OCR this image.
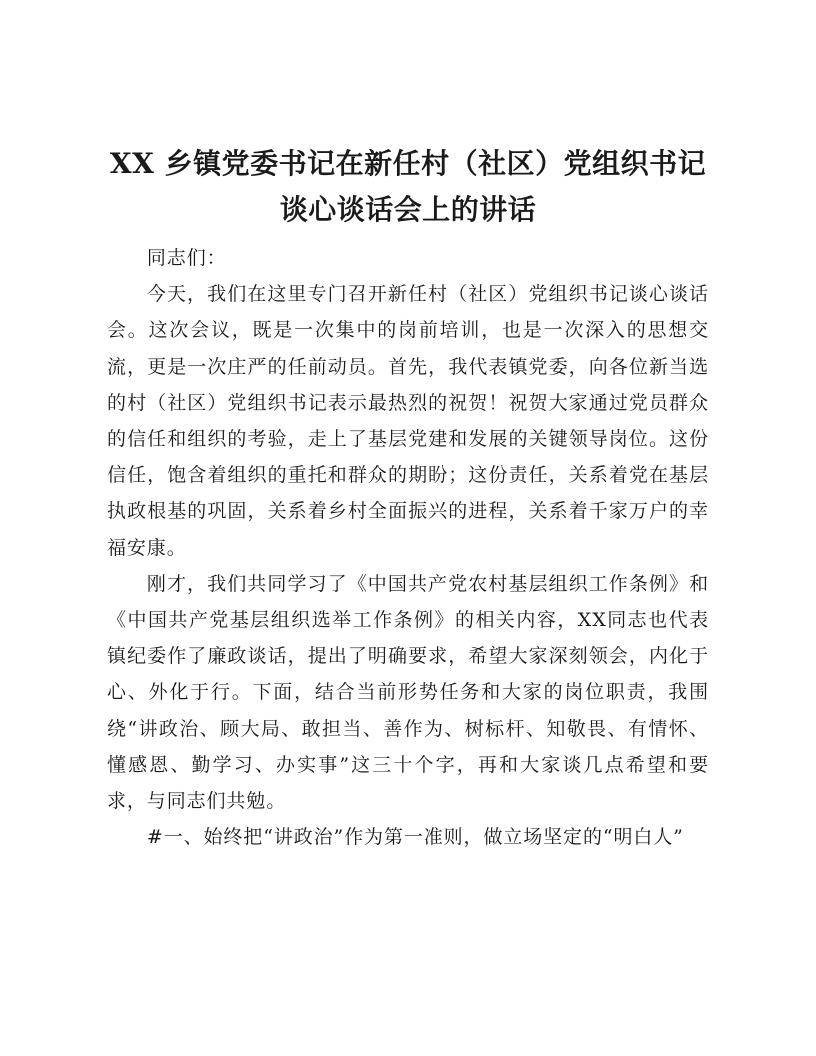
XX 乡镇党委书记在新任村（社区）党组织书记
谈心谈话会上的讲话

同志们：

今天，我们在这里专门召开新任村（社区）党组织书记谈心谈话会。这次会议，既是一次集中的岗前培训，也是一次深入的思想交流，更是一次庄严的任前动员。首先，我代表镇党委，向各位新当选的村（社区）党组织书记表示最热烈的祝贺！祝贺大家通过党员群众的信任和组织的考验，走上了基层党建和发展的关键领导岗位。这份信任，饱含着组织的重托和群众的期盼；这份责任，关系着党在基层执政根基的巩固，关系着乡村全面振兴的进程，关系着千家万户的幸福安康。

刚才，我们共同学习了《中国共产党农村基层组织工作条例》和《中国共产党基层组织选举工作条例》的相关内容，XX同志也代表镇纪委作了廉政谈话，提出了明确要求，希望大家深刻领会，内化于心、外化于行。下面，结合当前形势任务和大家的岗位职责，我围绕“讲政治、顾大局、敢担当、善作为、树标杆、知敬畏、有情怀、懂感恩、勤学习、办实事”这三十个字，再和大家谈几点希望和要求，与同志们共勉。

#一、始终把“讲政治”作为第一准则，做立场坚定的“明白人”
